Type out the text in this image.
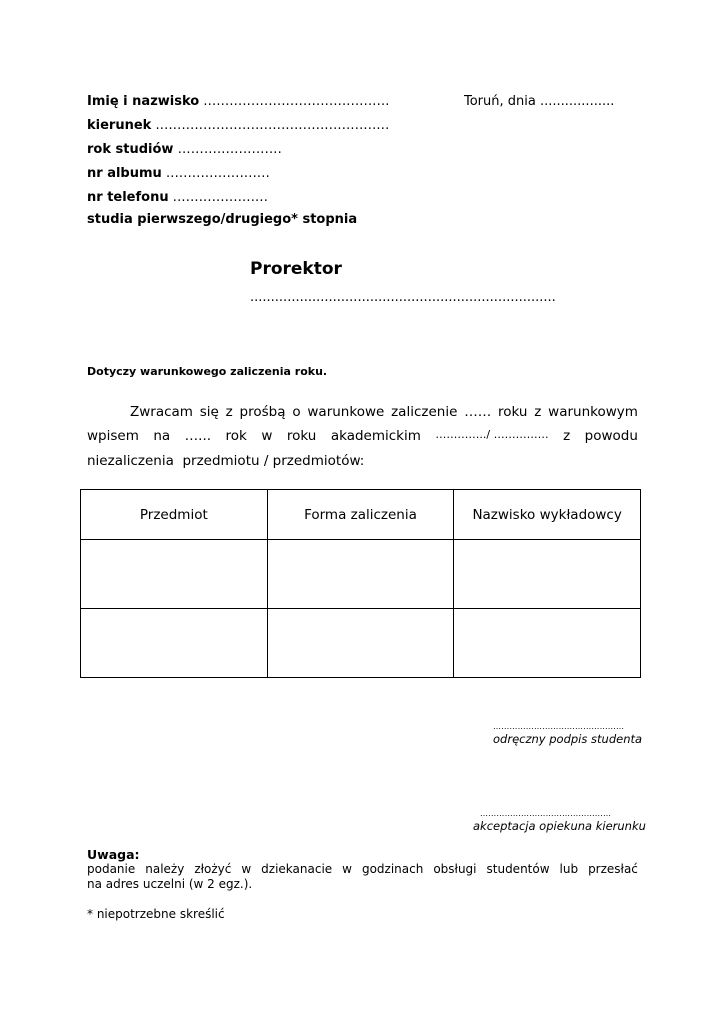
Imię i nazwisko ...........................................	Toruń, dnia ..................
kierunek ......................................................
rok studiów ……..................
nr albumu ........................
nr telefonu ......................
studia pierwszego/drugiego* stopnia
Prorektor
..........................................................................
Dotyczy warunkowego zaliczenia roku.
Zwracam się z prośbą o warunkowe zaliczenie …… roku z warunkowym
wpisem na …... rok w roku akademickim …………../ …………… z powodu
niezaliczenia  przedmiotu / przedmiotów:
Przedmiot	Forma zaliczenia	Nazwisko wykładowcy

…………………………………………
odręczny podpis studenta
…………………………………………
akceptacja opiekuna kierunku
Uwaga:
podanie należy złożyć w dziekanacie w godzinach obsługi studentów lub przesłać
na adres uczelni (w 2 egz.).
* niepotrzebne skreślić
